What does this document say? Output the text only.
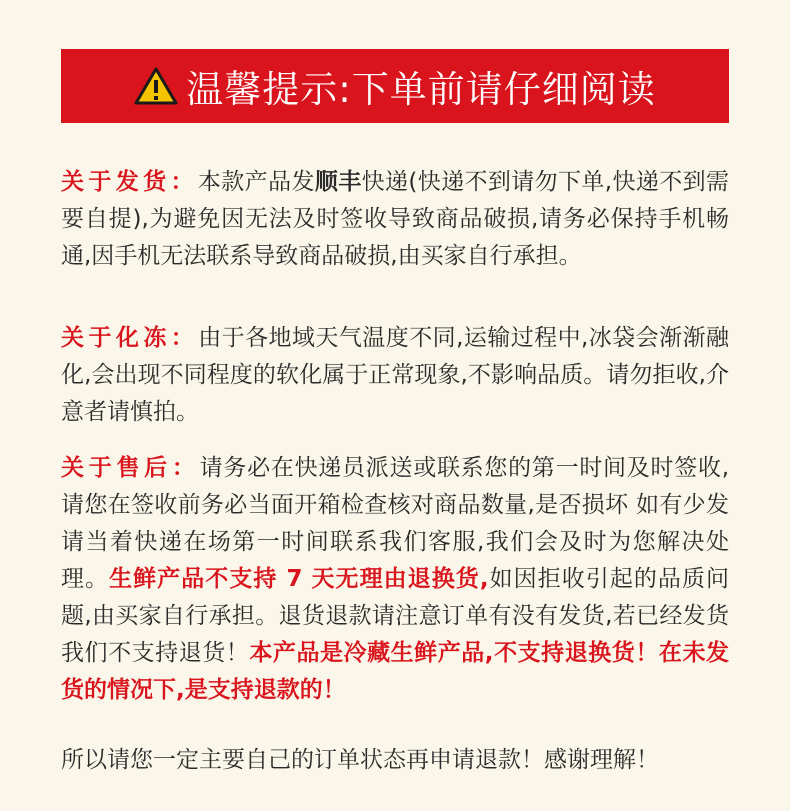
温馨提示:下单前请仔细阅读
关于发货：本款产品发顺丰快递(快递不到请勿下单,快递不到需要自提),为避免因无法及时签收导致商品破损,请务必保持手机畅通,因手机无法联系导致商品破损,由买家自行承担。
关于化冻：由于各地域天气温度不同,运输过程中,冰袋会渐渐融化,会出现不同程度的软化属于正常现象,不影响品质。请勿拒收,介意者请慎拍。
关于售后：请务必在快递员派送或联系您的第一时间及时签收,请您在签收前务必当面开箱检查核对商品数量,是否损坏 如有少发请当着快递在场第一时间联系我们客服,我们会及时为您解决处理。生鲜产品不支持 7 天无理由退换货,如因拒收引起的品质问题,由买家自行承担。退货退款请注意订单有没有发货,若已经发货我们不支持退货！本产品是冷藏生鲜产品,不支持退换货！在未发货的情况下,是支持退款的！
所以请您一定主要自己的订单状态再申请退款！感谢理解！
